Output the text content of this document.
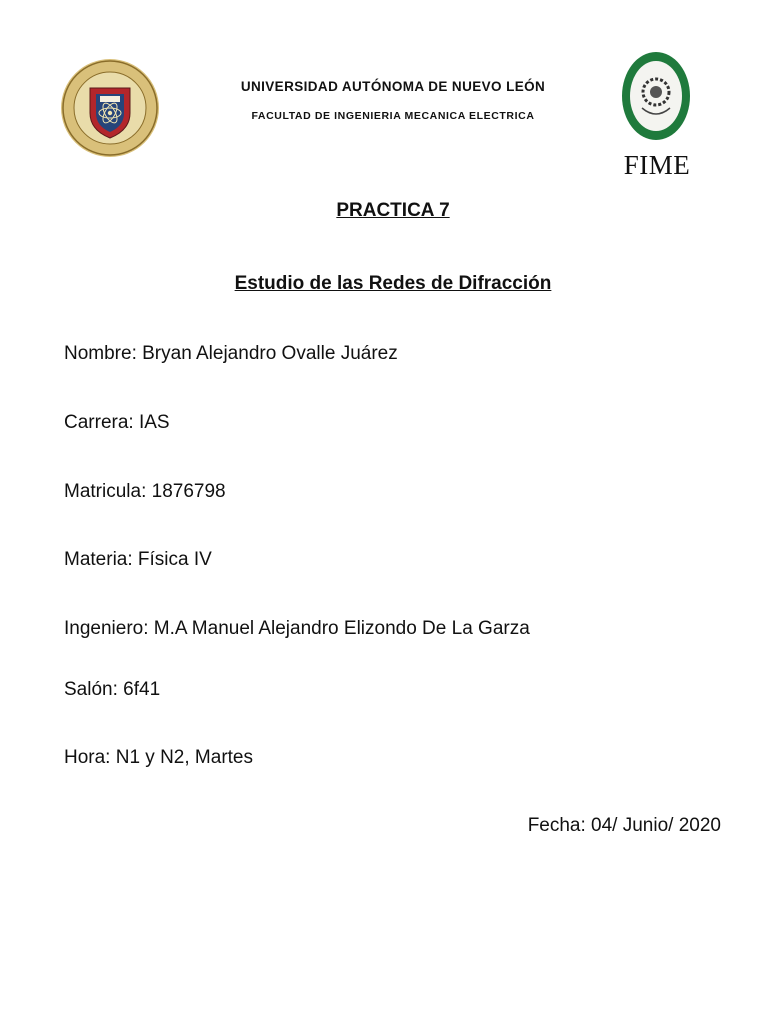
UNIVERSIDAD AUTÓNOMA DE NUEVO LEÓN
FACULTAD DE INGENIERIA MECANICA ELECTRICA
FIME
PRACTICA 7
Estudio de las Redes de Difracción
Nombre: Bryan Alejandro Ovalle Juárez
Carrera: IAS
Matricula: 1876798
Materia: Física IV
Ingeniero: M.A Manuel Alejandro Elizondo De La Garza
Salón: 6f41
Hora: N1 y N2, Martes
Fecha: 04/ Junio/ 2020
